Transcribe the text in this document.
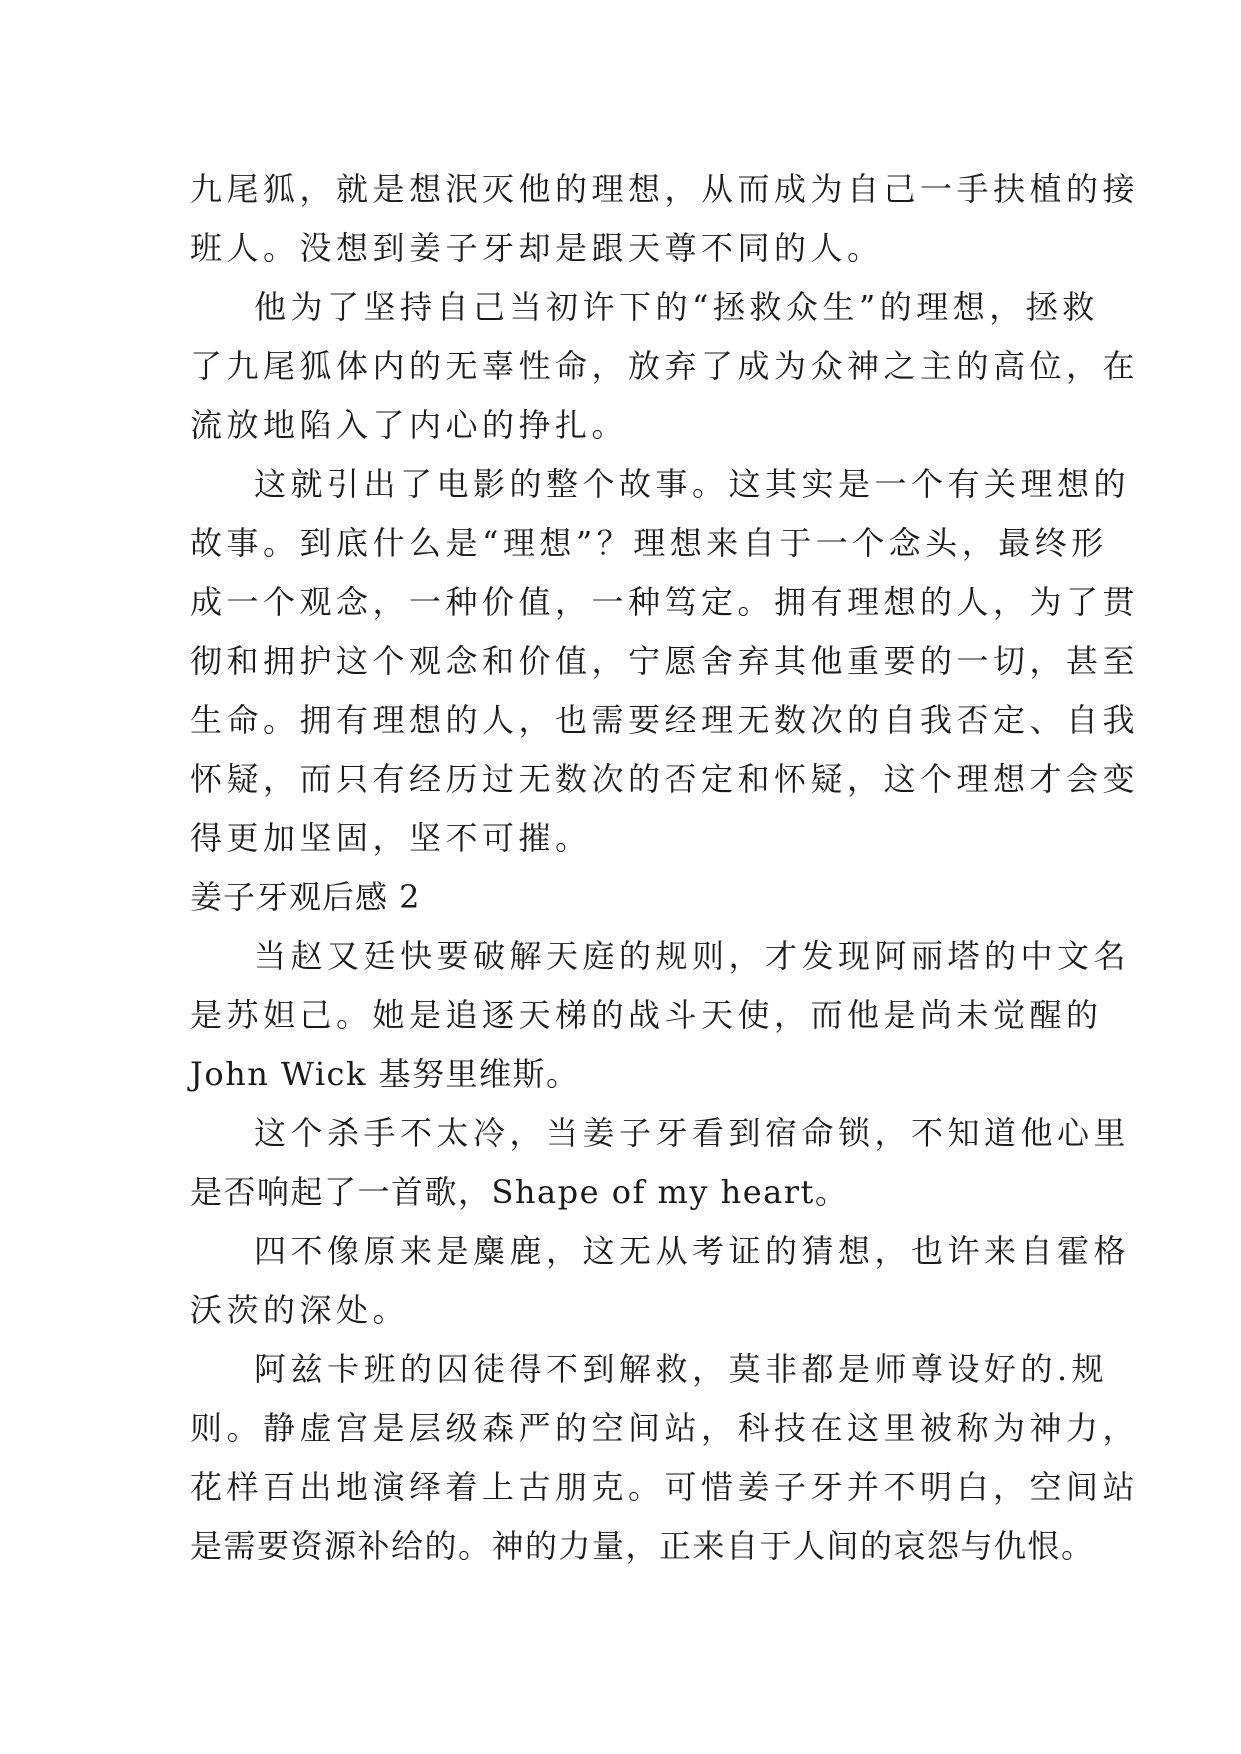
九尾狐，就是想泯灭他的理想，从而成为自己一手扶植的接
班人。没想到姜子牙却是跟天尊不同的人。
他为了坚持自己当初许下的“拯救众生”的理想，拯救
了九尾狐体内的无辜性命，放弃了成为众神之主的高位，在
流放地陷入了内心的挣扎。
这就引出了电影的整个故事。这其实是一个有关理想的
故事。到底什么是“理想”？理想来自于一个念头，最终形
成一个观念，一种价值，一种笃定。拥有理想的人，为了贯
彻和拥护这个观念和价值，宁愿舍弃其他重要的一切，甚至
生命。拥有理想的人，也需要经理无数次的自我否定、自我
怀疑，而只有经历过无数次的否定和怀疑，这个理想才会变
得更加坚固，坚不可摧。
姜子牙观后感 2
当赵又廷快要破解天庭的规则，才发现阿丽塔的中文名
是苏妲己。她是追逐天梯的战斗天使，而他是尚未觉醒的
John Wick 基努里维斯。
这个杀手不太冷，当姜子牙看到宿命锁，不知道他心里
是否响起了一首歌，Shape of my heart。
四不像原来是麋鹿，这无从考证的猜想，也许来自霍格
沃茨的深处。
阿兹卡班的囚徒得不到解救，莫非都是师尊设好的.规
则。静虚宫是层级森严的空间站，科技在这里被称为神力，
花样百出地演绎着上古朋克。可惜姜子牙并不明白，空间站
是需要资源补给的。神的力量，正来自于人间的哀怨与仇恨。
